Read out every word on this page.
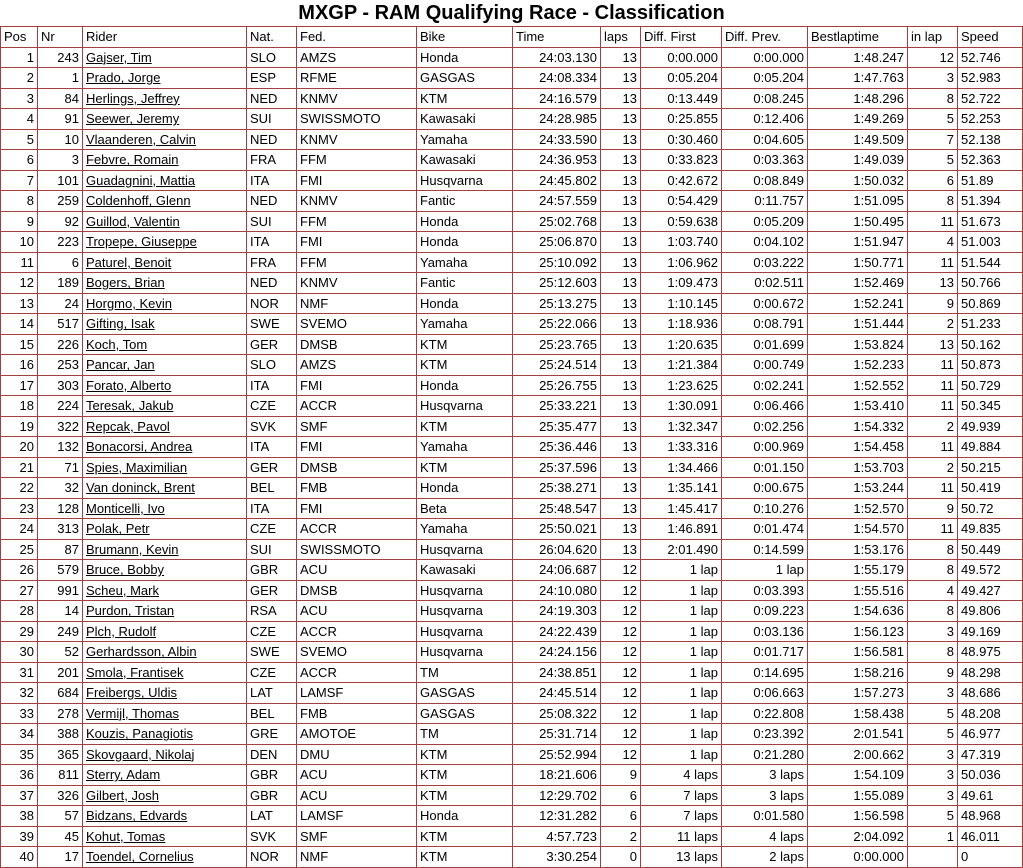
MXGP - RAM Qualifying Race - Classification
Pos	Nr	Rider	Nat.	Fed.	Bike	Time	laps	Diff. First	Diff. Prev.	Bestlaptime	in lap	Speed
1	243	Gajser, Tim	SLO	AMZS	Honda	24:03.130	13	0:00.000	0:00.000	1:48.247	12	52.746
2	1	Prado, Jorge	ESP	RFME	GASGAS	24:08.334	13	0:05.204	0:05.204	1:47.763	3	52.983
3	84	Herlings, Jeffrey	NED	KNMV	KTM	24:16.579	13	0:13.449	0:08.245	1:48.296	8	52.722
4	91	Seewer, Jeremy	SUI	SWISSMOTO	Kawasaki	24:28.985	13	0:25.855	0:12.406	1:49.269	5	52.253
5	10	Vlaanderen, Calvin	NED	KNMV	Yamaha	24:33.590	13	0:30.460	0:04.605	1:49.509	7	52.138
6	3	Febvre, Romain	FRA	FFM	Kawasaki	24:36.953	13	0:33.823	0:03.363	1:49.039	5	52.363
7	101	Guadagnini, Mattia	ITA	FMI	Husqvarna	24:45.802	13	0:42.672	0:08.849	1:50.032	6	51.89
8	259	Coldenhoff, Glenn	NED	KNMV	Fantic	24:57.559	13	0:54.429	0:11.757	1:51.095	8	51.394
9	92	Guillod, Valentin	SUI	FFM	Honda	25:02.768	13	0:59.638	0:05.209	1:50.495	11	51.673
10	223	Tropepe, Giuseppe	ITA	FMI	Honda	25:06.870	13	1:03.740	0:04.102	1:51.947	4	51.003
11	6	Paturel, Benoit	FRA	FFM	Yamaha	25:10.092	13	1:06.962	0:03.222	1:50.771	11	51.544
12	189	Bogers, Brian	NED	KNMV	Fantic	25:12.603	13	1:09.473	0:02.511	1:52.469	13	50.766
13	24	Horgmo, Kevin	NOR	NMF	Honda	25:13.275	13	1:10.145	0:00.672	1:52.241	9	50.869
14	517	Gifting, Isak	SWE	SVEMO	Yamaha	25:22.066	13	1:18.936	0:08.791	1:51.444	2	51.233
15	226	Koch, Tom	GER	DMSB	KTM	25:23.765	13	1:20.635	0:01.699	1:53.824	13	50.162
16	253	Pancar, Jan	SLO	AMZS	KTM	25:24.514	13	1:21.384	0:00.749	1:52.233	11	50.873
17	303	Forato, Alberto	ITA	FMI	Honda	25:26.755	13	1:23.625	0:02.241	1:52.552	11	50.729
18	224	Teresak, Jakub	CZE	ACCR	Husqvarna	25:33.221	13	1:30.091	0:06.466	1:53.410	11	50.345
19	322	Repcak, Pavol	SVK	SMF	KTM	25:35.477	13	1:32.347	0:02.256	1:54.332	2	49.939
20	132	Bonacorsi, Andrea	ITA	FMI	Yamaha	25:36.446	13	1:33.316	0:00.969	1:54.458	11	49.884
21	71	Spies, Maximilian	GER	DMSB	KTM	25:37.596	13	1:34.466	0:01.150	1:53.703	2	50.215
22	32	Van doninck, Brent	BEL	FMB	Honda	25:38.271	13	1:35.141	0:00.675	1:53.244	11	50.419
23	128	Monticelli, Ivo	ITA	FMI	Beta	25:48.547	13	1:45.417	0:10.276	1:52.570	9	50.72
24	313	Polak, Petr	CZE	ACCR	Yamaha	25:50.021	13	1:46.891	0:01.474	1:54.570	11	49.835
25	87	Brumann, Kevin	SUI	SWISSMOTO	Husqvarna	26:04.620	13	2:01.490	0:14.599	1:53.176	8	50.449
26	579	Bruce, Bobby	GBR	ACU	Kawasaki	24:06.687	12	1 lap	1 lap	1:55.179	8	49.572
27	991	Scheu, Mark	GER	DMSB	Husqvarna	24:10.080	12	1 lap	0:03.393	1:55.516	4	49.427
28	14	Purdon, Tristan	RSA	ACU	Husqvarna	24:19.303	12	1 lap	0:09.223	1:54.636	8	49.806
29	249	Plch, Rudolf	CZE	ACCR	Husqvarna	24:22.439	12	1 lap	0:03.136	1:56.123	3	49.169
30	52	Gerhardsson, Albin	SWE	SVEMO	Husqvarna	24:24.156	12	1 lap	0:01.717	1:56.581	8	48.975
31	201	Smola, Frantisek	CZE	ACCR	TM	24:38.851	12	1 lap	0:14.695	1:58.216	9	48.298
32	684	Freibergs, Uldis	LAT	LAMSF	GASGAS	24:45.514	12	1 lap	0:06.663	1:57.273	3	48.686
33	278	Vermijl, Thomas	BEL	FMB	GASGAS	25:08.322	12	1 lap	0:22.808	1:58.438	5	48.208
34	388	Kouzis, Panagiotis	GRE	AMOTOE	TM	25:31.714	12	1 lap	0:23.392	2:01.541	5	46.977
35	365	Skovgaard, Nikolaj	DEN	DMU	KTM	25:52.994	12	1 lap	0:21.280	2:00.662	3	47.319
36	811	Sterry, Adam	GBR	ACU	KTM	18:21.606	9	4 laps	3 laps	1:54.109	3	50.036
37	326	Gilbert, Josh	GBR	ACU	KTM	12:29.702	6	7 laps	3 laps	1:55.089	3	49.61
38	57	Bidzans, Edvards	LAT	LAMSF	Honda	12:31.282	6	7 laps	0:01.580	1:56.598	5	48.968
39	45	Kohut, Tomas	SVK	SMF	KTM	4:57.723	2	11 laps	4 laps	2:04.092	1	46.011
40	17	Toendel, Cornelius	NOR	NMF	KTM	3:30.254	0	13 laps	2 laps	0:00.000		0
